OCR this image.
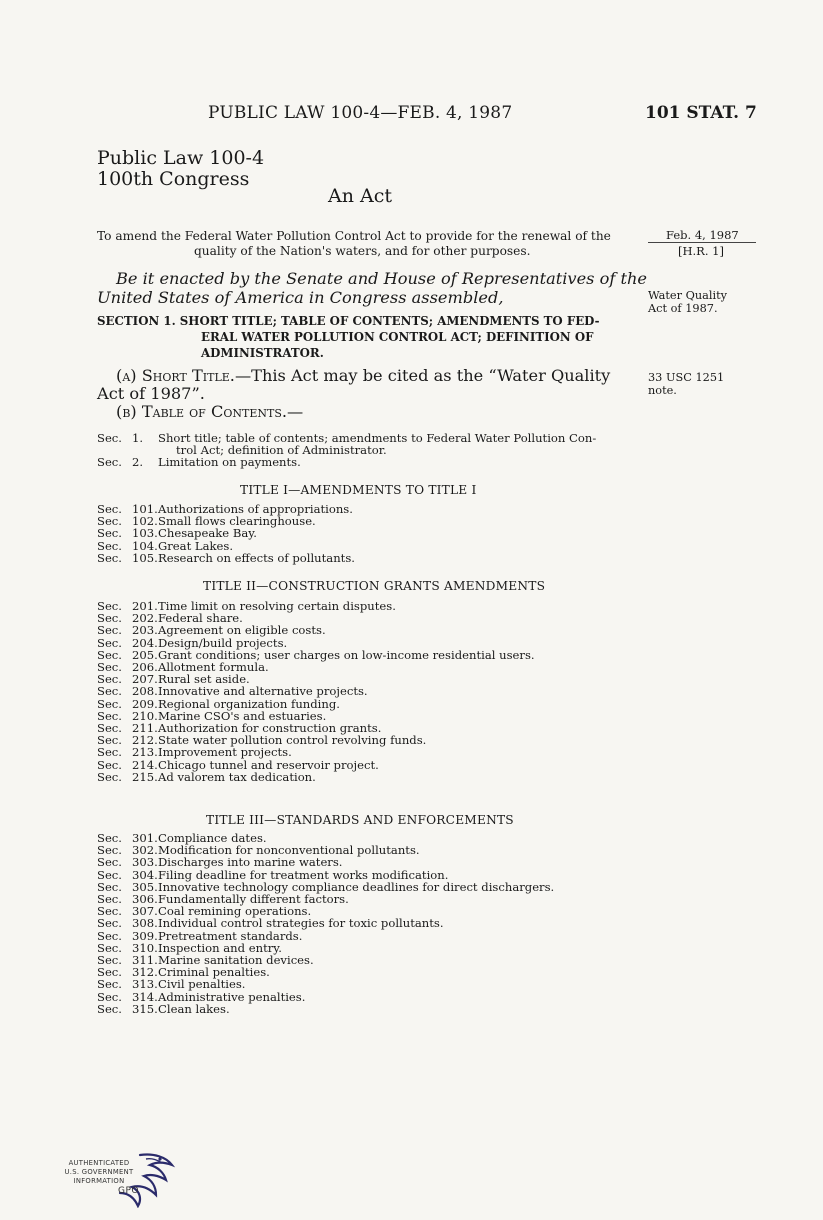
PUBLIC LAW 100-4—FEB. 4, 1987	101 STAT. 7
Public Law 100-4
100th Congress
An Act
To amend the Federal Water Pollution Control Act to provide for the renewal of the
quality of the Nation's waters, and for other purposes.
Feb. 4, 1987
[H.R. 1]
Water Quality
Act of 1987.
33 USC 1251
note.
Be it enacted by the Senate and House of Representatives of the
United States of America in Congress assembled,
SECTION 1. SHORT TITLE; TABLE OF CONTENTS; AMENDMENTS TO FED-
ERAL WATER POLLUTION CONTROL ACT; DEFINITION OF
ADMINISTRATOR.
(a) Short Title.—This Act may be cited as the “Water Quality
Act of 1987”.
(b) Table of Contents.—
Sec. 1. Short title; table of contents; amendments to Federal Water Pollution Con-
trol Act; definition of Administrator.
Sec. 2. Limitation on payments.
TITLE I—AMENDMENTS TO TITLE I
Sec. 101.Authorizations of appropriations.
Sec. 102.Small flows clearinghouse.
Sec. 103.Chesapeake Bay.
Sec. 104.Great Lakes.
Sec. 105.Research on effects of pollutants.
TITLE II—CONSTRUCTION GRANTS AMENDMENTS
Sec. 201.Time limit on resolving certain disputes.
Sec. 202.Federal share.
Sec. 203.Agreement on eligible costs.
Sec. 204.Design/build projects.
Sec. 205.Grant conditions; user charges on low-income residential users.
Sec. 206.Allotment formula.
Sec. 207.Rural set aside.
Sec. 208.Innovative and alternative projects.
Sec. 209.Regional organization funding.
Sec. 210.Marine CSO's and estuaries.
Sec. 211.Authorization for construction grants.
Sec. 212.State water pollution control revolving funds.
Sec. 213.Improvement projects.
Sec. 214.Chicago tunnel and reservoir project.
Sec. 215.Ad valorem tax dedication.
TITLE III—STANDARDS AND ENFORCEMENTS
Sec. 301.Compliance dates.
Sec. 302.Modification for nonconventional pollutants.
Sec. 303.Discharges into marine waters.
Sec. 304.Filing deadline for treatment works modification.
Sec. 305.Innovative technology compliance deadlines for direct dischargers.
Sec. 306.Fundamentally different factors.
Sec. 307.Coal remining operations.
Sec. 308.Individual control strategies for toxic pollutants.
Sec. 309.Pretreatment standards.
Sec. 310.Inspection and entry.
Sec. 311.Marine sanitation devices.
Sec. 312.Criminal penalties.
Sec. 313.Civil penalties.
Sec. 314.Administrative penalties.
Sec. 315.Clean lakes.
AUTHENTICATED
U.S. GOVERNMENT
INFORMATION
GPO
